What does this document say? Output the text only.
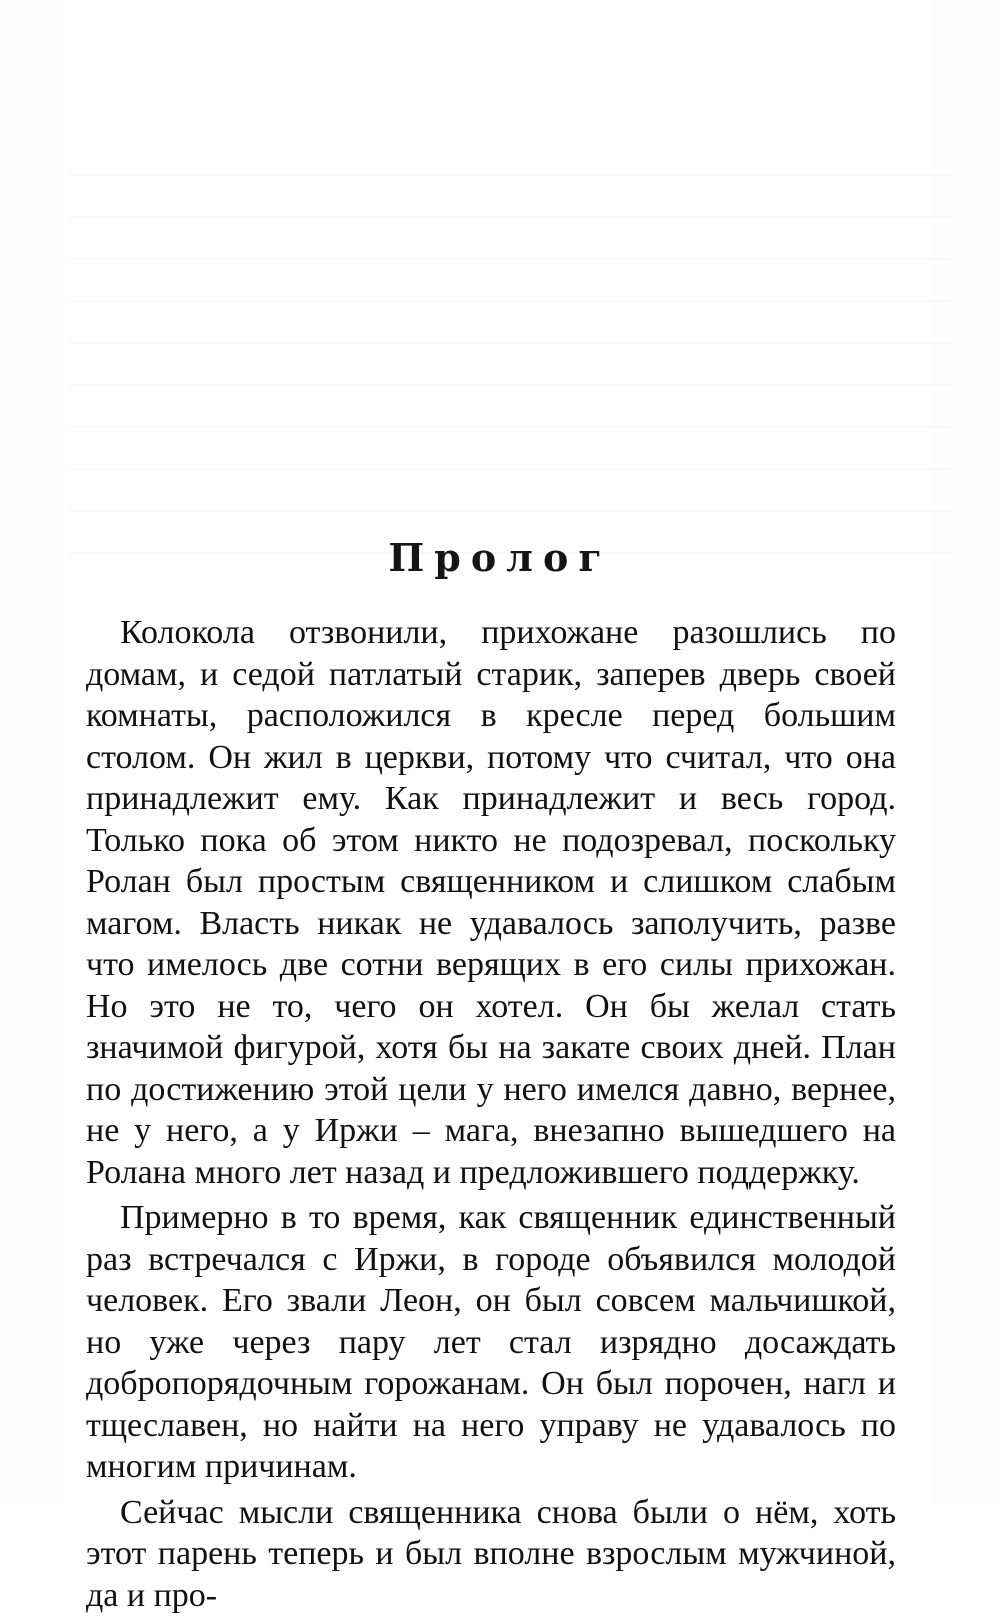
Пролог

Колокола отзвонили, прихожане разошлись по домам, и седой патлатый старик, заперев дверь своей комнаты, расположился в кресле перед большим столом. Он жил в церкви, потому что считал, что она принадлежит ему. Как принадлежит и весь город. Только пока об этом никто не подозревал, поскольку Ролан был простым священником и слишком слабым магом. Власть никак не удавалось заполучить, разве что имелось две сотни верящих в его силы прихожан. Но это не то, чего он хотел. Он бы желал стать значимой фигурой, хотя бы на закате своих дней. План по достижению этой цели у него имелся давно, вернее, не у него, а у Иржи – мага, внезапно вышедшего на Ролана много лет назад и предложившего поддержку.

Примерно в то время, как священник единственный раз встречался с Иржи, в городе объявился молодой человек. Его звали Леон, он был совсем мальчишкой, но уже через пару лет стал изрядно досаждать добропорядочным горожанам. Он был порочен, нагл и тщеславен, но найти на него управу не удавалось по многим причинам.

Сейчас мысли священника снова были о нём, хоть этот парень теперь и был вполне взрослым мужчиной, да и про-
